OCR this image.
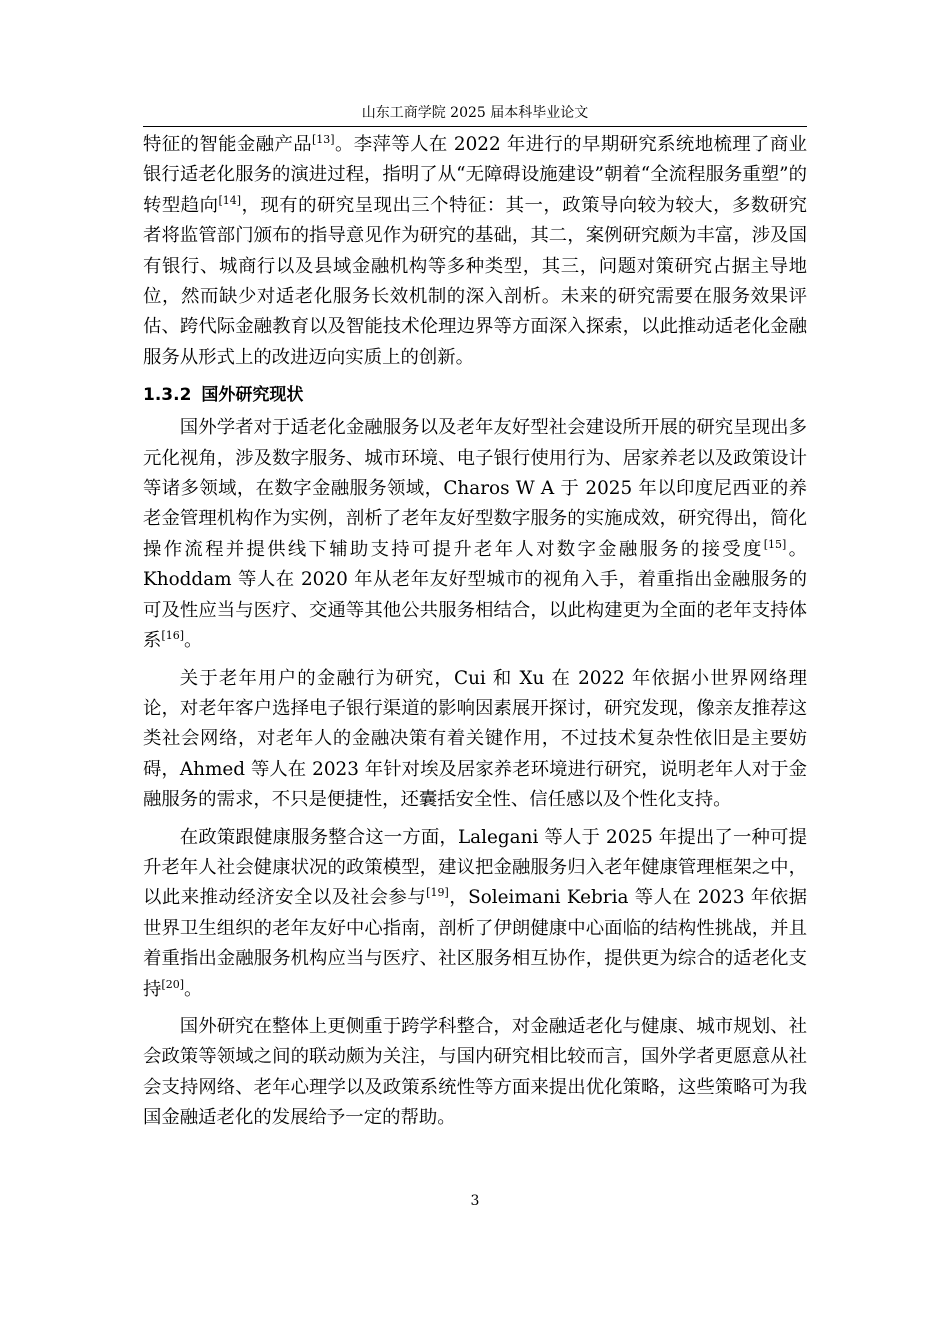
山东工商学院 2025 届本科毕业论文

特征的智能金融产品[13]。李萍等人在 2022 年进行的早期研究系统地梳理了商业银行适老化服务的演进过程，指明了从“无障碍设施建设”朝着“全流程服务重塑”的转型趋向[14]，现有的研究呈现出三个特征：其一，政策导向较为较大，多数研究者将监管部门颁布的指导意见作为研究的基础，其二，案例研究颇为丰富，涉及国有银行、城商行以及县域金融机构等多种类型，其三，问题对策研究占据主导地位，然而缺少对适老化服务长效机制的深入剖析。未来的研究需要在服务效果评估、跨代际金融教育以及智能技术伦理边界等方面深入探索，以此推动适老化金融服务从形式上的改进迈向实质上的创新。

1.3.2 国外研究现状

国外学者对于适老化金融服务以及老年友好型社会建设所开展的研究呈现出多元化视角，涉及数字服务、城市环境、电子银行使用行为、居家养老以及政策设计等诸多领域，在数字金融服务领域，Charos W A 于 2025 年以印度尼西亚的养老金管理机构作为实例，剖析了老年友好型数字服务的实施成效，研究得出，简化操作流程并提供线下辅助支持可提升老年人对数字金融服务的接受度[15]。Khoddam 等人在 2020 年从老年友好型城市的视角入手，着重指出金融服务的可及性应当与医疗、交通等其他公共服务相结合，以此构建更为全面的老年支持体系[16]。

关于老年用户的金融行为研究，Cui 和 Xu 在 2022 年依据小世界网络理论，对老年客户选择电子银行渠道的影响因素展开探讨，研究发现，像亲友推荐这类社会网络，对老年人的金融决策有着关键作用，不过技术复杂性依旧是主要妨碍，Ahmed 等人在 2023 年针对埃及居家养老环境进行研究，说明老年人对于金融服务的需求，不只是便捷性，还囊括安全性、信任感以及个性化支持。

在政策跟健康服务整合这一方面，Lalegani 等人于 2025 年提出了一种可提升老年人社会健康状况的政策模型，建议把金融服务归入老年健康管理框架之中，以此来推动经济安全以及社会参与[19]，Soleimani Kebria 等人在 2023 年依据世界卫生组织的老年友好中心指南，剖析了伊朗健康中心面临的结构性挑战，并且着重指出金融服务机构应当与医疗、社区服务相互协作，提供更为综合的适老化支持[20]。

国外研究在整体上更侧重于跨学科整合，对金融适老化与健康、城市规划、社会政策等领域之间的联动颇为关注，与国内研究相比较而言，国外学者更愿意从社会支持网络、老年心理学以及政策系统性等方面来提出优化策略，这些策略可为我国金融适老化的发展给予一定的帮助。

3
